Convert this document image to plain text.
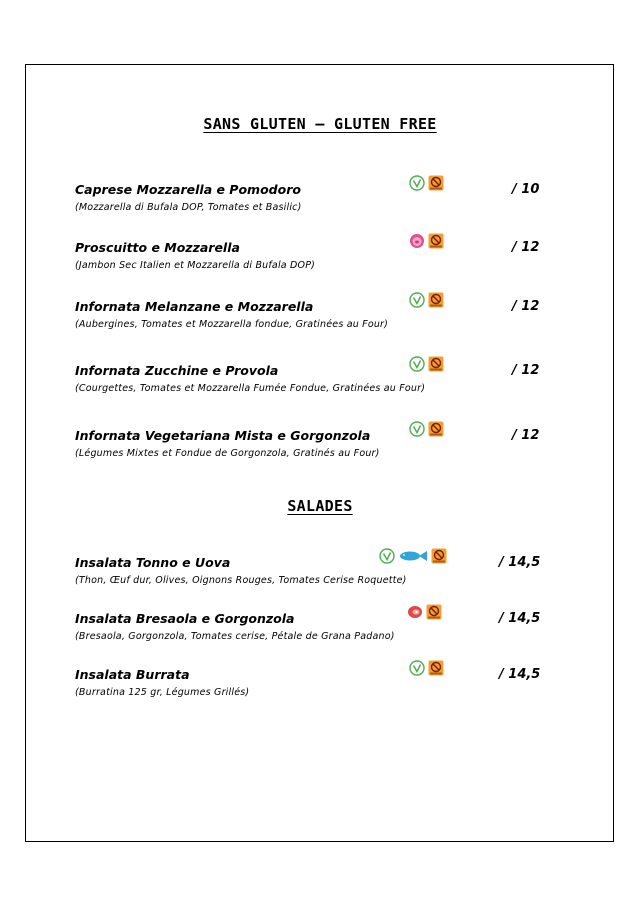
SANS GLUTEN – GLUTEN FREE
Caprese Mozzarella e Pomodoro
(Mozzarella di Bufala DOP, Tomates et Basilic)
/ 10
Proscuitto e Mozzarella
(Jambon Sec Italien et Mozzarella di Bufala DOP)
/ 12
Infornata Melanzane e Mozzarella
(Aubergines, Tomates et Mozzarella fondue, Gratinées au Four)
/ 12
Infornata Zucchine e Provola
(Courgettes, Tomates et Mozzarella Fumée Fondue, Gratinées au Four)
/ 12
Infornata Vegetariana Mista e Gorgonzola
(Légumes Mixtes et Fondue de Gorgonzola, Gratinés au Four)
/ 12
SALADES
Insalata Tonno e Uova
(Thon, Œuf dur, Olives, Oignons Rouges, Tomates Cerise Roquette)
/ 14,5
Insalata Bresaola e Gorgonzola
(Bresaola, Gorgonzola, Tomates cerise, Pétale de Grana Padano)
/ 14,5
Insalata Burrata
(Burratina 125 gr, Légumes Grillés)
/ 14,5
